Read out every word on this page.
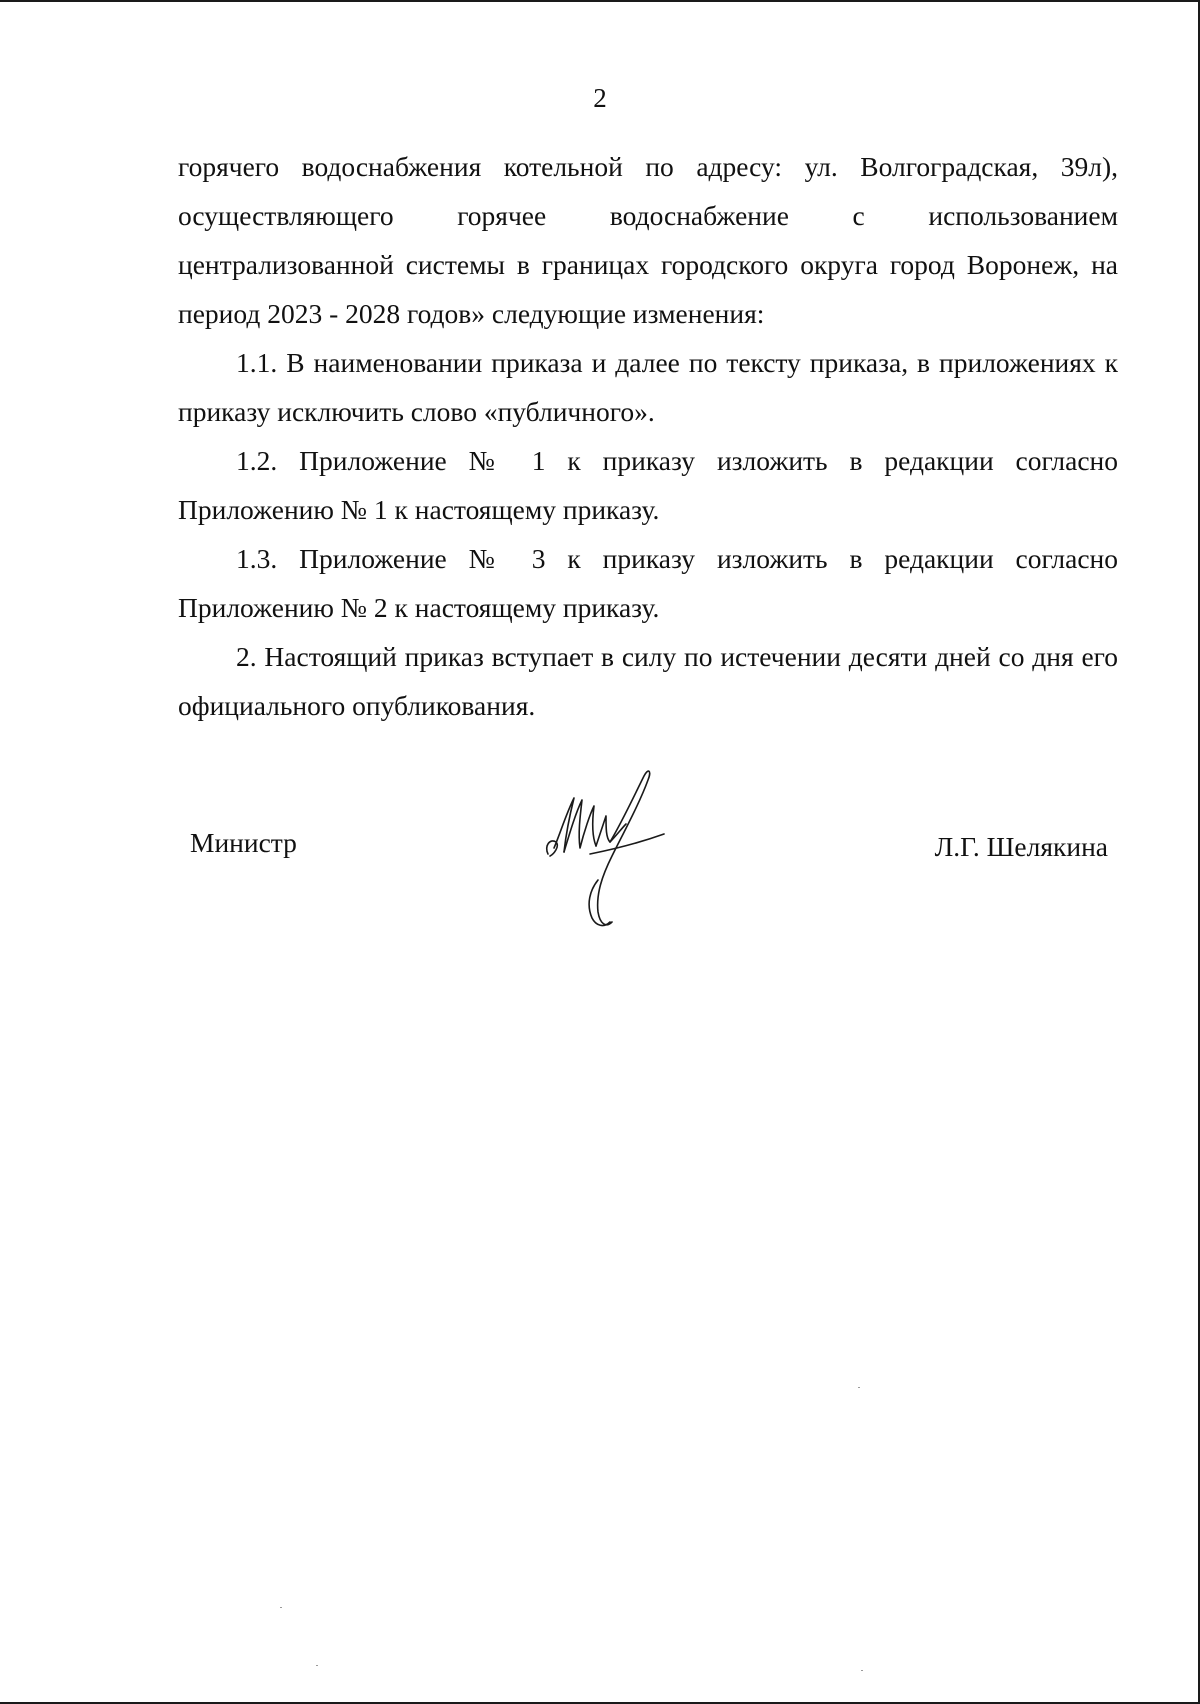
2

горячего водоснабжения котельной по адресу: ул. Волгоградская, 39л),

осуществляющего горячее водоснабжение с использованием

централизованной системы в границах городского округа город Воронеж, на

период 2023 - 2028 годов» следующие изменения:

1.1. В наименовании приказа и далее по тексту приказа, в приложениях к приказу исключить слово «публичного».

1.2. Приложение № 1 к приказу изложить в редакции согласно Приложению № 1 к настоящему приказу.

1.3. Приложение № 3 к приказу изложить в редакции согласно Приложению № 2 к настоящему приказу.

2. Настоящий приказ вступает в силу по истечении десяти дней со дня его официального опубликования.

Министр	Л.Г. Шелякина
